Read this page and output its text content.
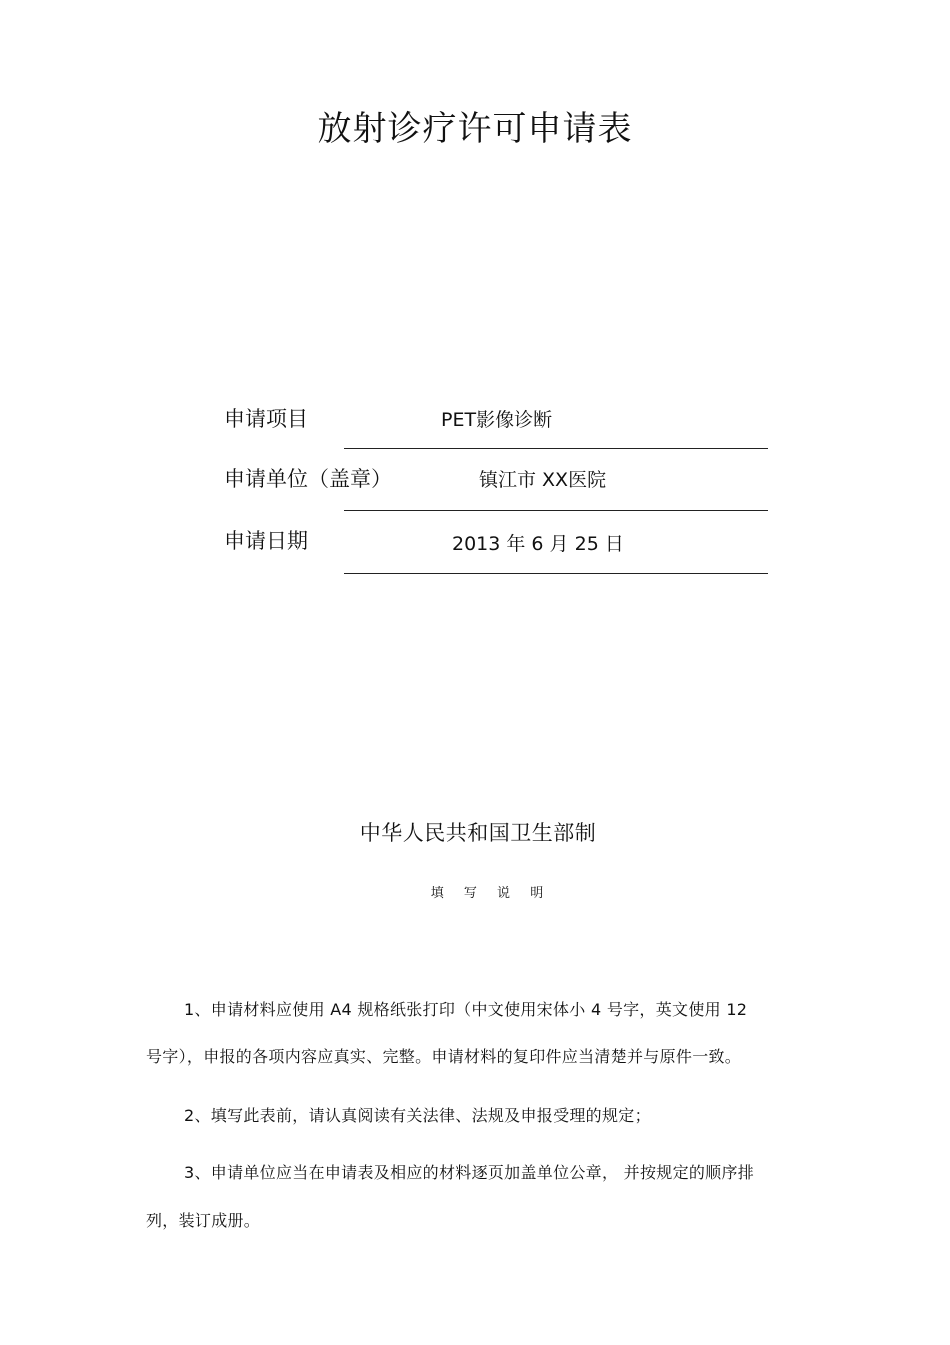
放射诊疗许可申请表
申请项目	PET影像诊断
申请单位（盖章）	镇江市 XX医院
申请日期	2013 年 6 月 25 日
中华人民共和国卫生部制
填 写 说 明
1、申请材料应使用 A4 规格纸张打印（中文使用宋体小 4 号字，英文使用 12
号字），申报的各项内容应真实、完整。申请材料的复印件应当清楚并与原件一致。
2、填写此表前，请认真阅读有关法律、法规及申报受理的规定；
3、申请单位应当在申请表及相应的材料逐页加盖单位公章， 并按规定的顺序排
列，装订成册。
